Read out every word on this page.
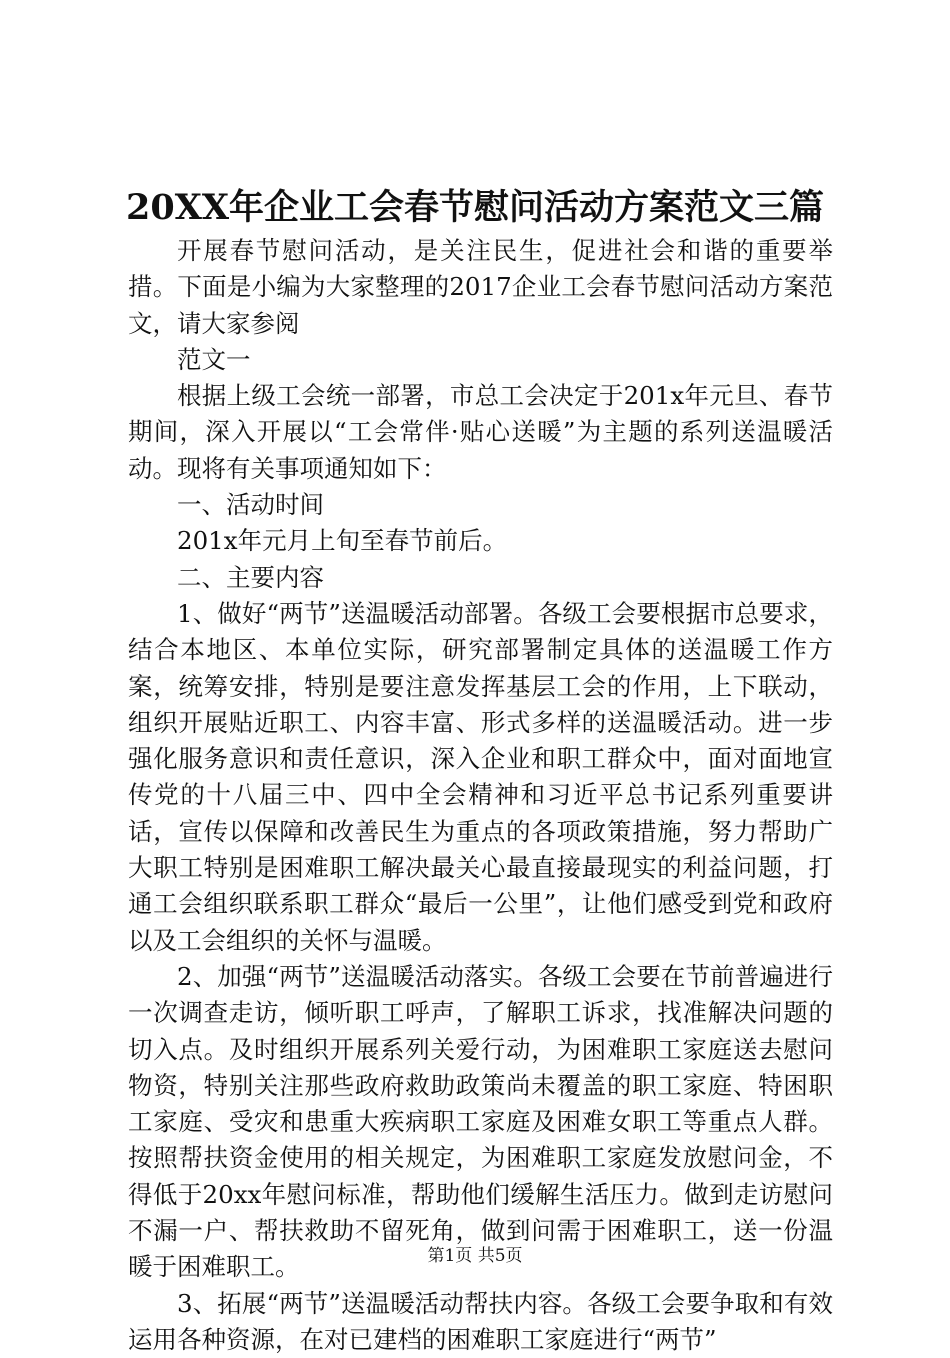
20XX年企业工会春节慰问活动方案范文三篇

开展春节慰问活动，是关注民生，促进社会和谐的重要举措。下面是小编为大家整理的2017企业工会春节慰问活动方案范文，请大家参阅

范文一

根据上级工会统一部署，市总工会决定于201x年元旦、春节期间，深入开展以“工会常伴·贴心送暖”为主题的系列送温暖活动。现将有关事项通知如下：

一、活动时间

201x年元月上旬至春节前后。

二、主要内容

1、做好“两节”送温暖活动部署。各级工会要根据市总要求，结合本地区、本单位实际，研究部署制定具体的送温暖工作方案，统筹安排，特别是要注意发挥基层工会的作用，上下联动，组织开展贴近职工、内容丰富、形式多样的送温暖活动。进一步强化服务意识和责任意识，深入企业和职工群众中，面对面地宣传党的十八届三中、四中全会精神和习近平总书记系列重要讲话，宣传以保障和改善民生为重点的各项政策措施，努力帮助广大职工特别是困难职工解决最关心最直接最现实的利益问题，打通工会组织联系职工群众“最后一公里”，让他们感受到党和政府以及工会组织的关怀与温暖。

2、加强“两节”送温暖活动落实。各级工会要在节前普遍进行一次调查走访，倾听职工呼声，了解职工诉求，找准解决问题的切入点。及时组织开展系列关爱行动，为困难职工家庭送去慰问物资，特别关注那些政府救助政策尚未覆盖的职工家庭、特困职工家庭、受灾和患重大疾病职工家庭及困难女职工等重点人群。按照帮扶资金使用的相关规定，为困难职工家庭发放慰问金，不得低于20xx年慰问标准，帮助他们缓解生活压力。做到走访慰问不漏一户、帮扶救助不留死角，做到问需于困难职工，送一份温暖于困难职工。

3、拓展“两节”送温暖活动帮扶内容。各级工会要争取和有效运用各种资源，在对已建档的困难职工家庭进行“两节”

第1页 共5页
